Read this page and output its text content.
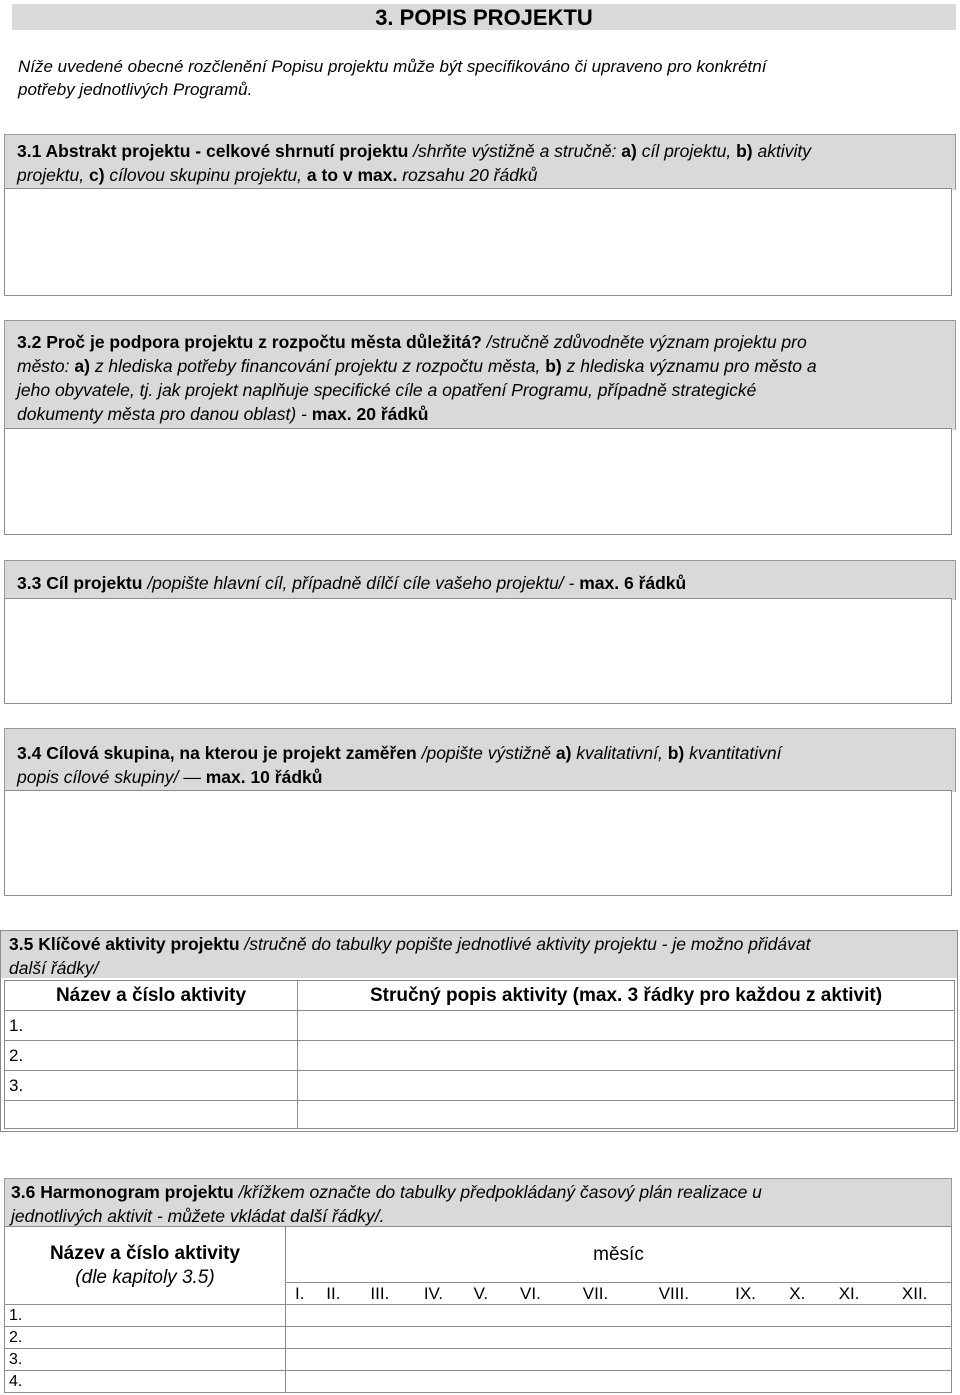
3. POPIS PROJEKTU
Níže uvedené obecné rozčlenění Popisu projektu může být specifikováno či upraveno pro konkrétní
potřeby jednotlivých Programů.
3.1 Abstrakt projektu - celkové shrnutí projektu /shrňte výstižně a stručně: a) cíl projektu, b) aktivity
projektu, c) cílovou skupinu projektu, a to v max. rozsahu 20 řádků
3.2 Proč je podpora projektu z rozpočtu města důležitá? /stručně zdůvodněte význam projektu pro
město: a) z hlediska potřeby financování projektu z rozpočtu města, b) z hlediska významu pro město a
jeho obyvatele, tj. jak projekt naplňuje specifické cíle a opatření Programu, případně strategické
dokumenty města pro danou oblast) - max. 20 řádků
3.3 Cíl projektu /popište hlavní cíl, případně dílčí cíle vašeho projektu/ - max. 6 řádků
3.4 Cílová skupina, na kterou je projekt zaměřen /popište výstižně a) kvalitativní, b) kvantitativní
popis cílové skupiny/ — max. 10 řádků
3.5 Klíčové aktivity projektu /stručně do tabulky popište jednotlivé aktivity projektu - je možno přidávat
další řádky/
Název a číslo aktivity	Stručný popis aktivity (max. 3 řádky pro každou z aktivit)
1.	
2.	
3.	

3.6 Harmonogram projektu /křížkem označte do tabulky předpokládaný časový plán realizace u
jednotlivých aktivit - můžete vkládat další řádky/.
Název a číslo aktivity
(dle kapitoly 3.5)	měsíc											
	I.	II.	III.	IV.	V.	VI.	VII.	VIII.	IX.	X.	XI.	XII.
1.												
2.												
3.												
4.												
